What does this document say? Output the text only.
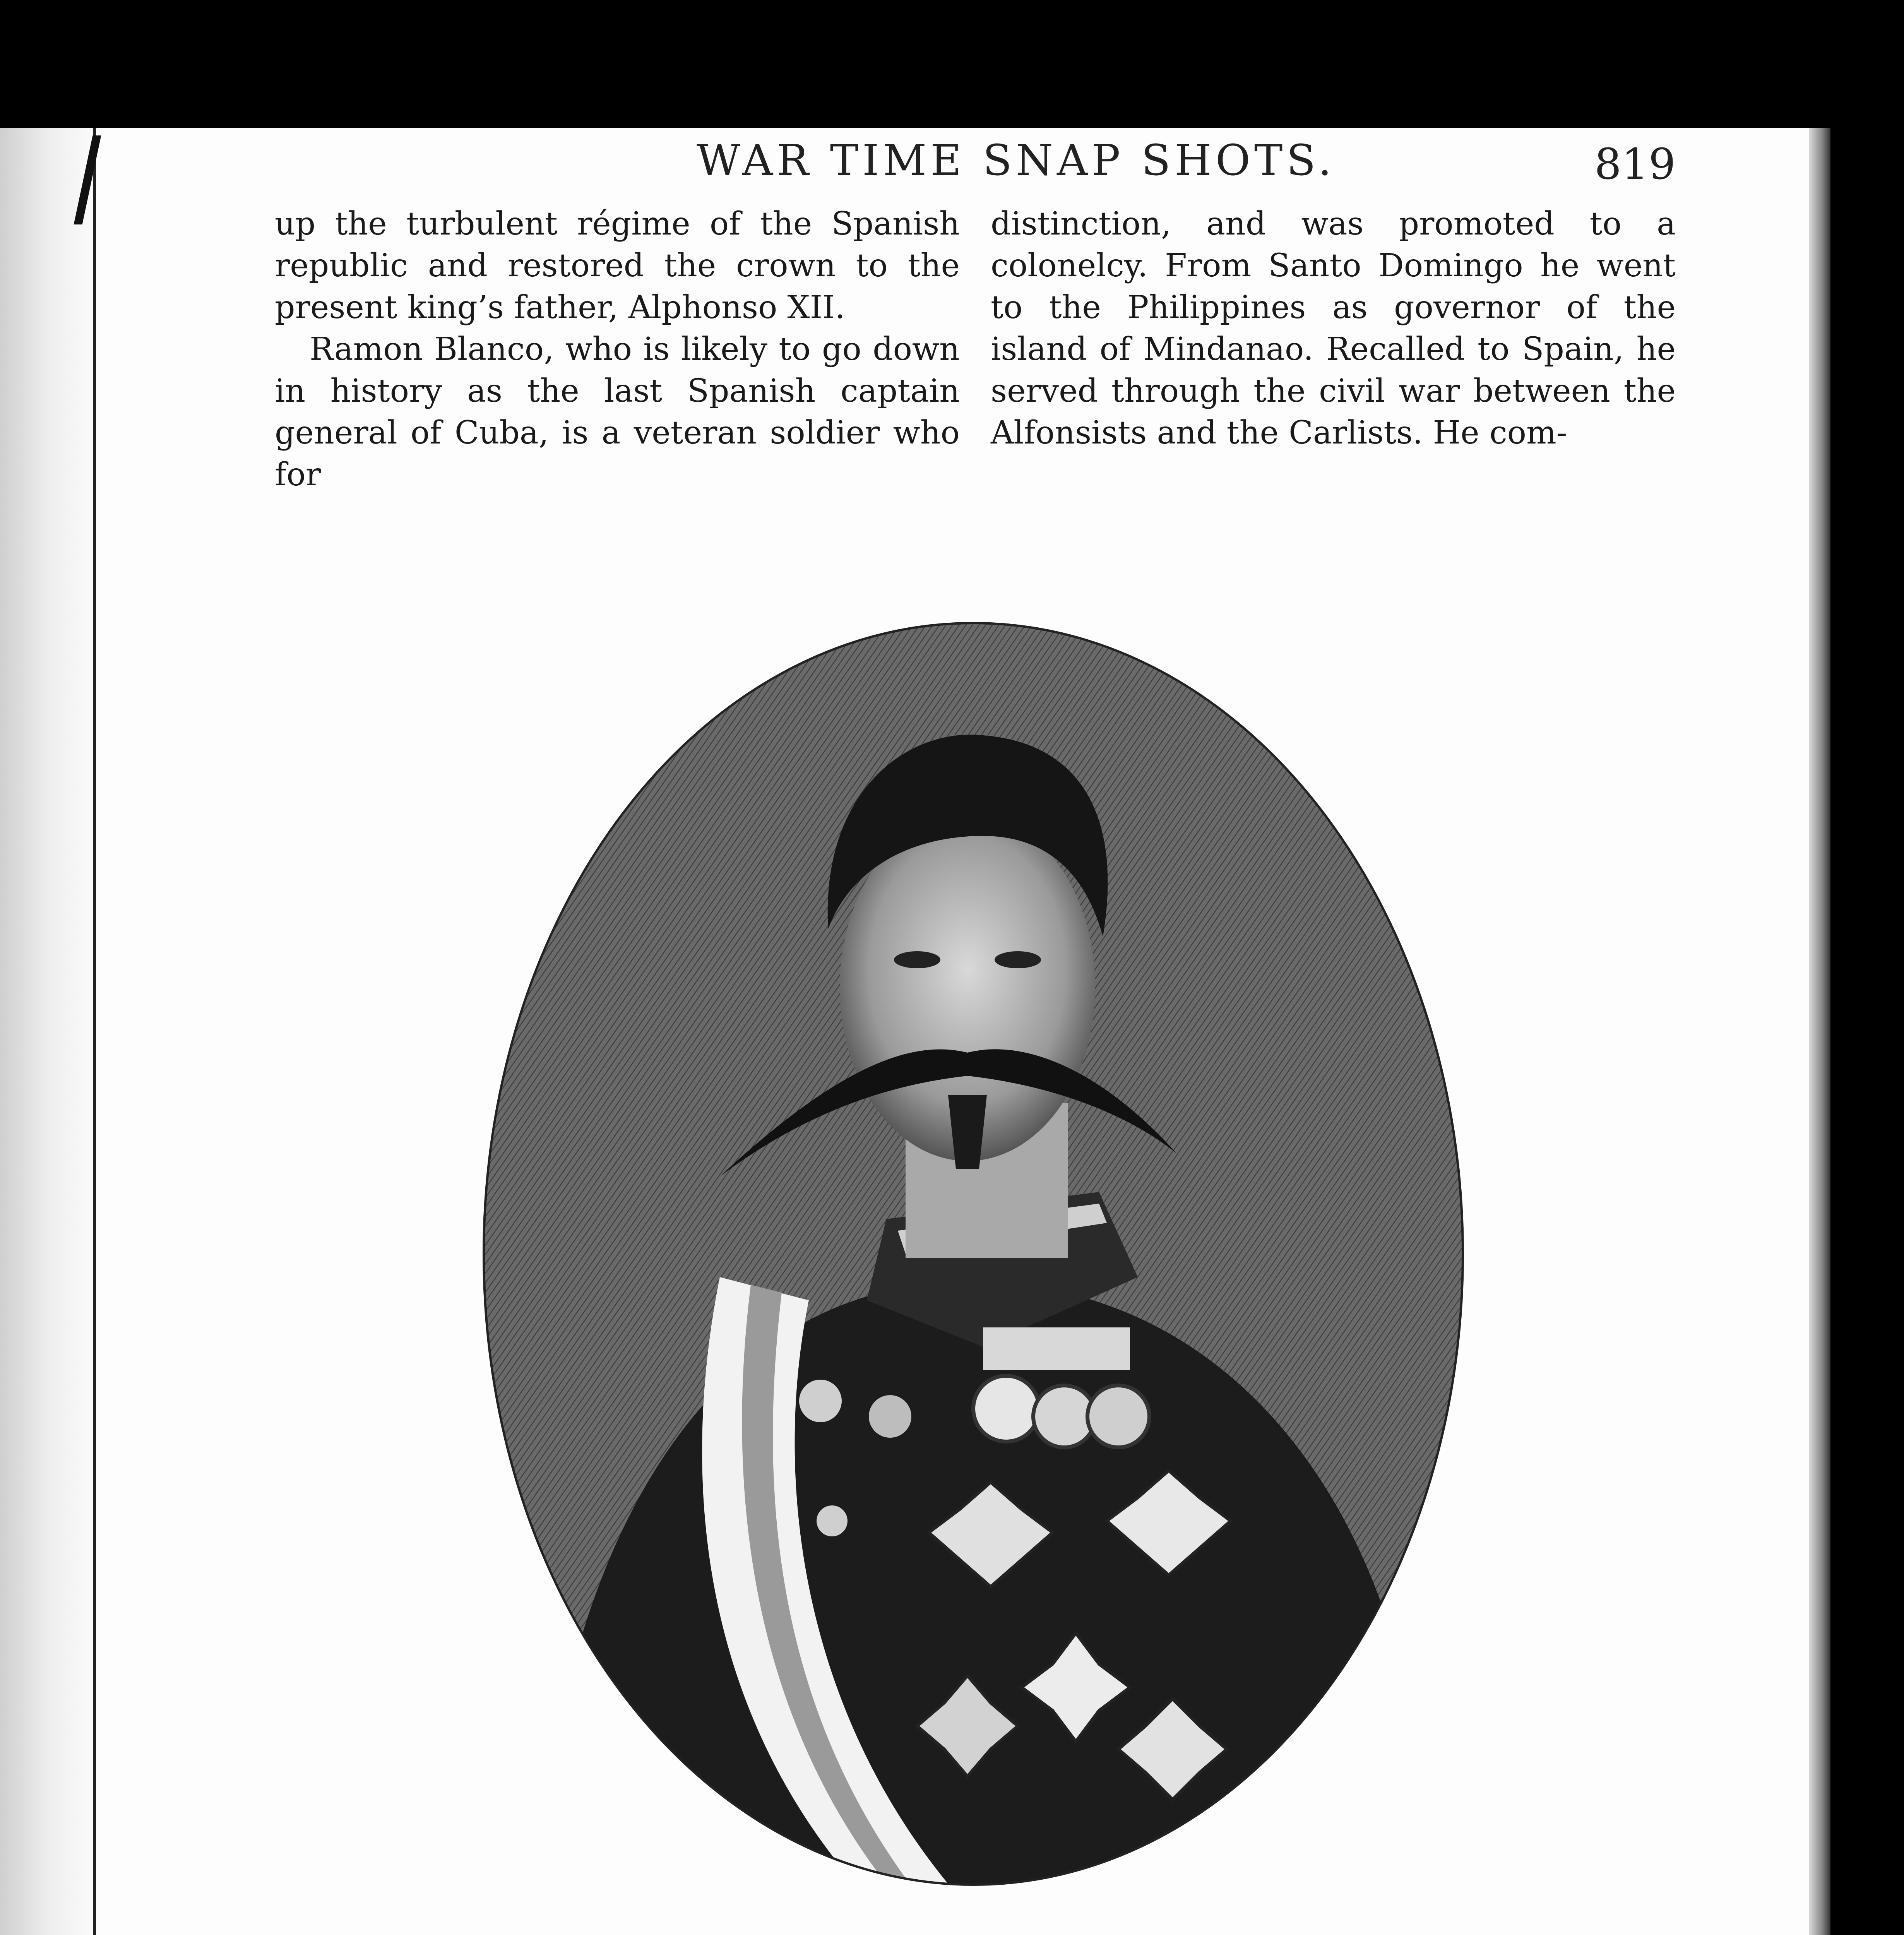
WAR TIME SNAP SHOTS.	819

up the turbulent régime of the Spanish republic and restored the crown to the present king’s father, Alphonso XII.

Ramon Blanco, who is likely to go down in history as the last Spanish captain general of Cuba, is a veteran soldier who for

distinction, and was promoted to a colonelcy. From Santo Domingo he went to the Philippines as governor of the island of Mindanao. Recalled to Spain, he served through the civil war between the Alfonsists and the Carlists. He com-
